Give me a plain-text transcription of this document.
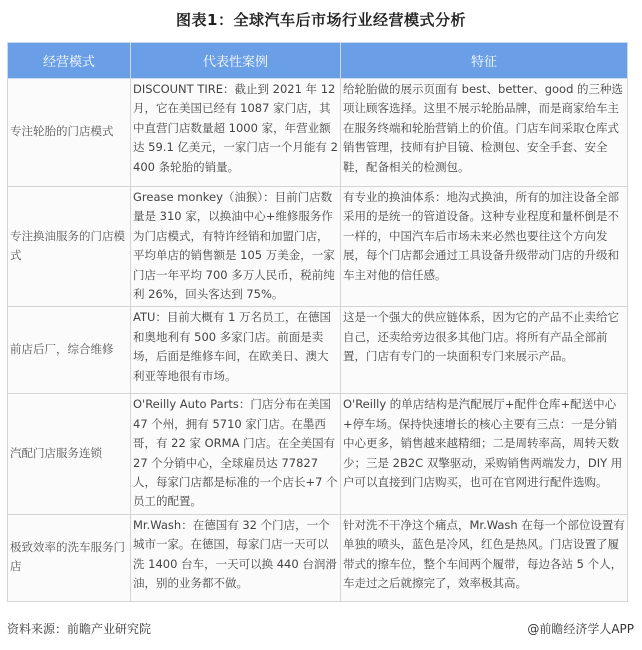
图表1：全球汽车后市场行业经营模式分析
经营模式	代表性案例	特征
专注轮胎的门店模式	DISCOUNT TIRE：截止到 2021 年 12 月，它在美国已经有 1087 家门店，其中直营门店数量超 1000 家，年营业额达 59.1 亿美元，一家门店一个月能有 2400 条轮胎的销量。	给轮胎做的展示页面有 best、better、good 的三种选项让顾客选择。这里不展示轮胎品牌，而是商家给车主在服务终端和轮胎营销上的价值。门店车间采取仓库式销售管理，技师有护目镜、检测包、安全手套、安全鞋，配备相关的检测包。
专注换油服务的门店模式	Grease monkey（油猴）：目前门店数量是 310 家，以换油中心+维修服务作为门店模式，有特许经销和加盟门店，平均单店的销售额是 105 万美金，一家门店一年平均 700 多万人民币，税前纯利 26%，回头客达到 75%。	有专业的换油体系：地沟式换油，所有的加注设备全部采用的是统一的管道设备。这种专业程度和量杯倒是不一样的，中国汽车后市场未来必然也要往这个方向发展，每个门店都会通过工具设备升级带动门店的升级和车主对他的信任感。
前店后厂，综合维修	ATU：目前大概有 1 万名员工，在德国和奥地利有 500 多家门店。前面是卖场，后面是维修车间，在欧美日、澳大利亚等地很有市场。	这是一个强大的供应链体系，因为它的产品不止卖给它自己，还卖给旁边很多其他门店。将所有产品全部前置，门店有专门的一块面积专门来展示产品。
汽配门店服务连锁	O'Reilly Auto Parts：门店分布在美国 47 个州，拥有 5710 家门店。在墨西哥，有 22 家 ORMA 门店。在全美国有 27 个分销中心，全球雇员达 77827 人，每家门店都是标准的一个店长+7 个员工的配置。	O'Reilly 的单店结构是汽配展厅+配件仓库+配送中心+停车场。保持快速增长的核心主要有三点：一是分销中心更多，销售越来越精细；二是周转率高，周转天数少；三是 2B2C 双擎驱动，采购销售两端发力，DIY 用户可以直接到门店购买，也可在官网进行配件选购。
极致效率的洗车服务门店	Mr.Wash：在德国有 32 个门店，一个城市一家。在德国，每家门店一天可以洗 1400 台车，一天可以换 440 台润滑油，别的业务都不做。	针对洗不干净这个痛点，Mr.Wash 在每一个部位设置有单独的喷头，蓝色是冷风，红色是热风。门店设置了履带式的擦车位，整个车间两个履带，每边各站 5 个人，车走过之后就擦完了，效率极其高。
资料来源：前瞻产业研究院	@前瞻经济学人APP
